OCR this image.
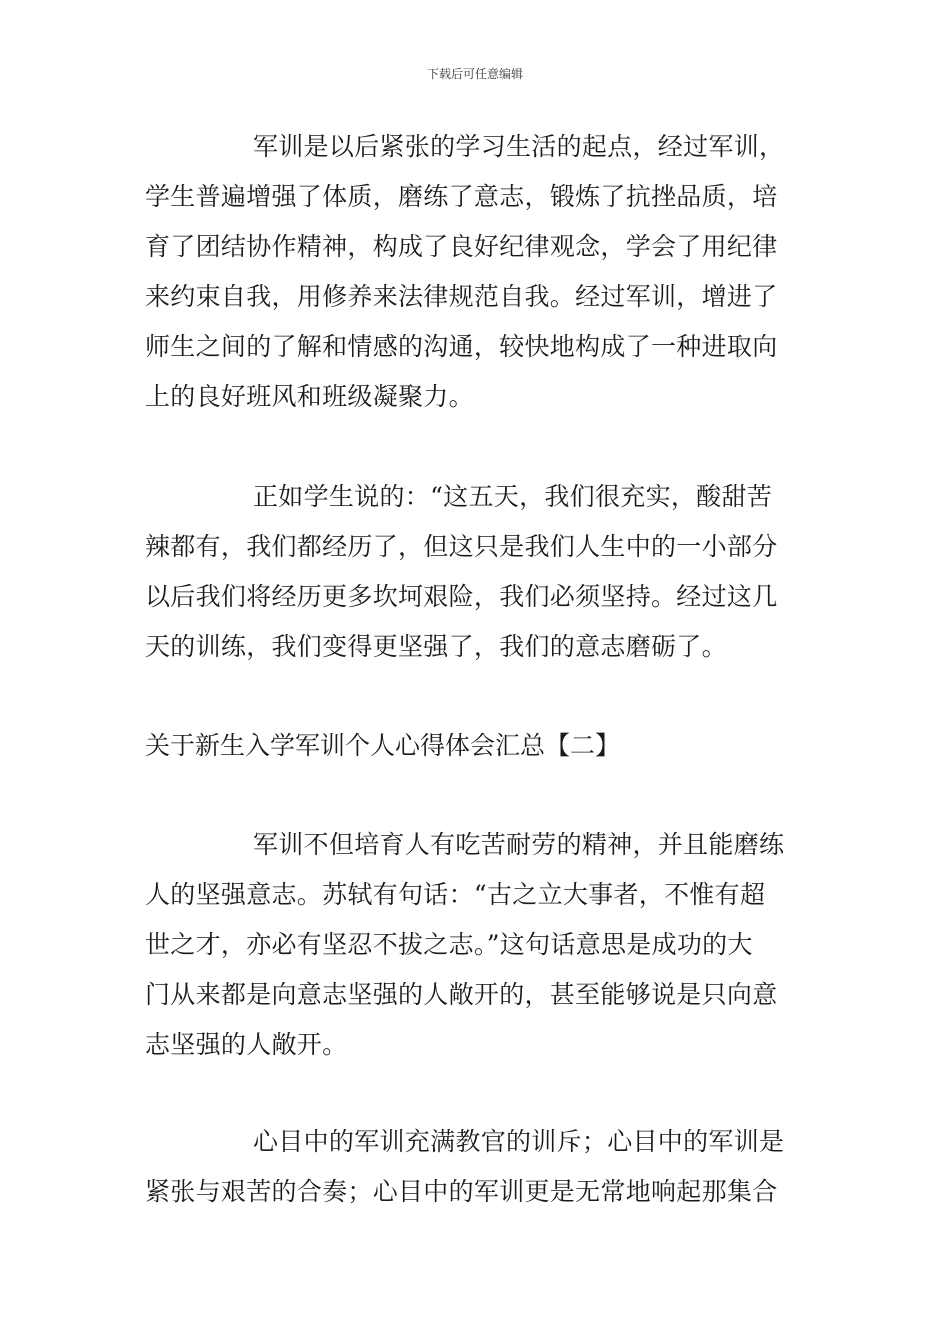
下载后可任意编辑
军训是以后紧张的学习生活的起点，经过军训，
学生普遍增强了体质，磨练了意志，锻炼了抗挫品质，培
育了团结协作精神，构成了良好纪律观念，学会了用纪律
来约束自我，用修养来法律规范自我。经过军训，增进了
师生之间的了解和情感的沟通，较快地构成了一种进取向
上的良好班风和班级凝聚力。
正如学生说的：“这五天，我们很充实，酸甜苦
辣都有，我们都经历了，但这只是我们人生中的一小部分
以后我们将经历更多坎坷艰险，我们必须坚持。经过这几
天的训练，我们变得更坚强了，我们的意志磨砺了。
关于新生入学军训个人心得体会汇总【二】
军训不但培育人有吃苦耐劳的精神，并且能磨练
人的坚强意志。苏轼有句话：“古之立大事者，不惟有超
世之才，亦必有坚忍不拔之志。”这句话意思是成功的大
门从来都是向意志坚强的人敞开的，甚至能够说是只向意
志坚强的人敞开。
心目中的军训充满教官的训斥；心目中的军训是
紧张与艰苦的合奏；心目中的军训更是无常地响起那集合
